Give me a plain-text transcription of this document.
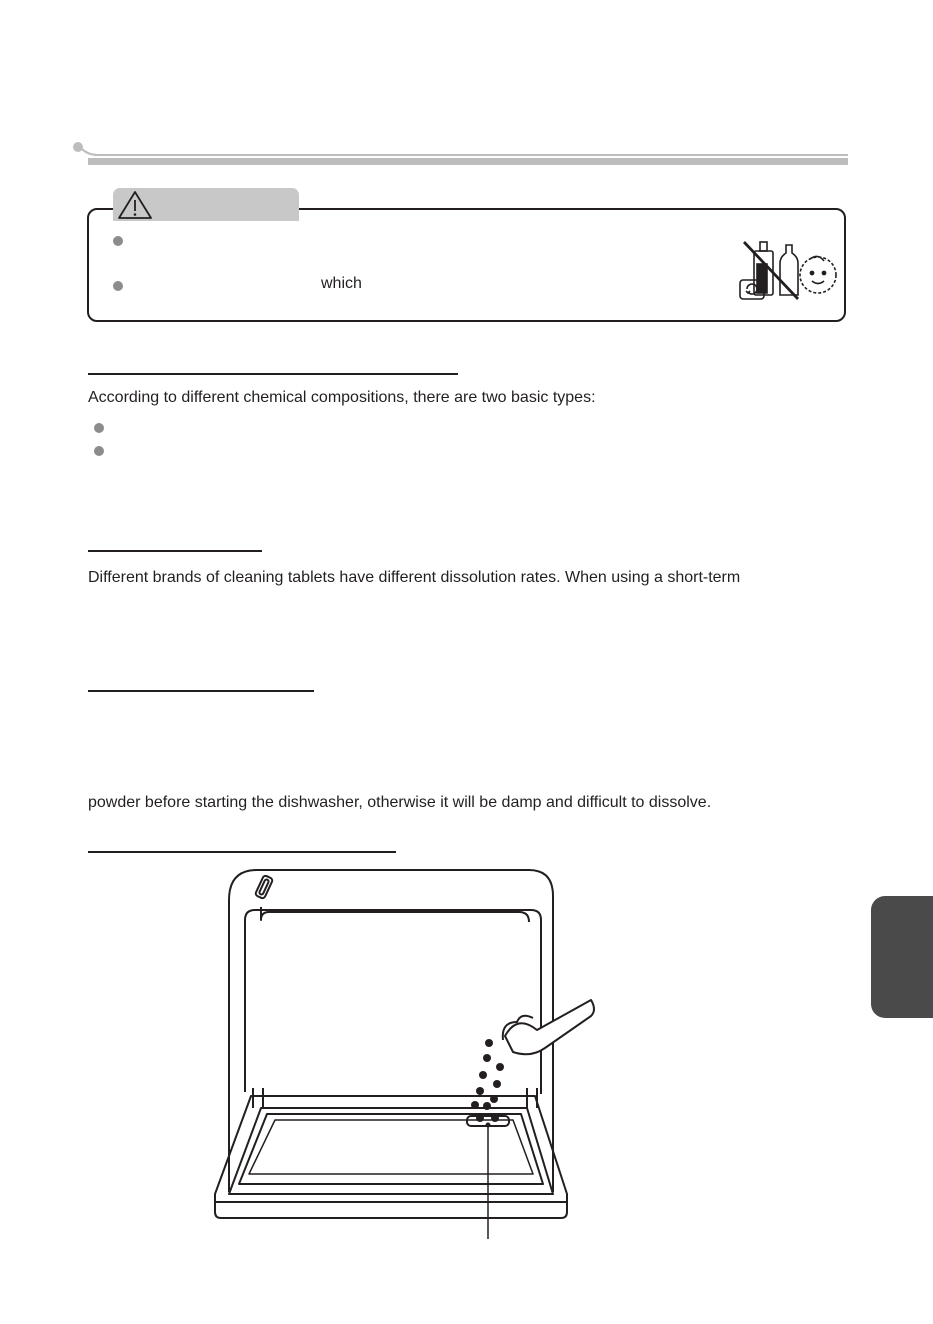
which
According to different chemical compositions, there are two basic types:
Different brands of cleaning tablets have different dissolution rates. When using a short-term
powder before starting the dishwasher, otherwise it will be damp and difficult to dissolve.
